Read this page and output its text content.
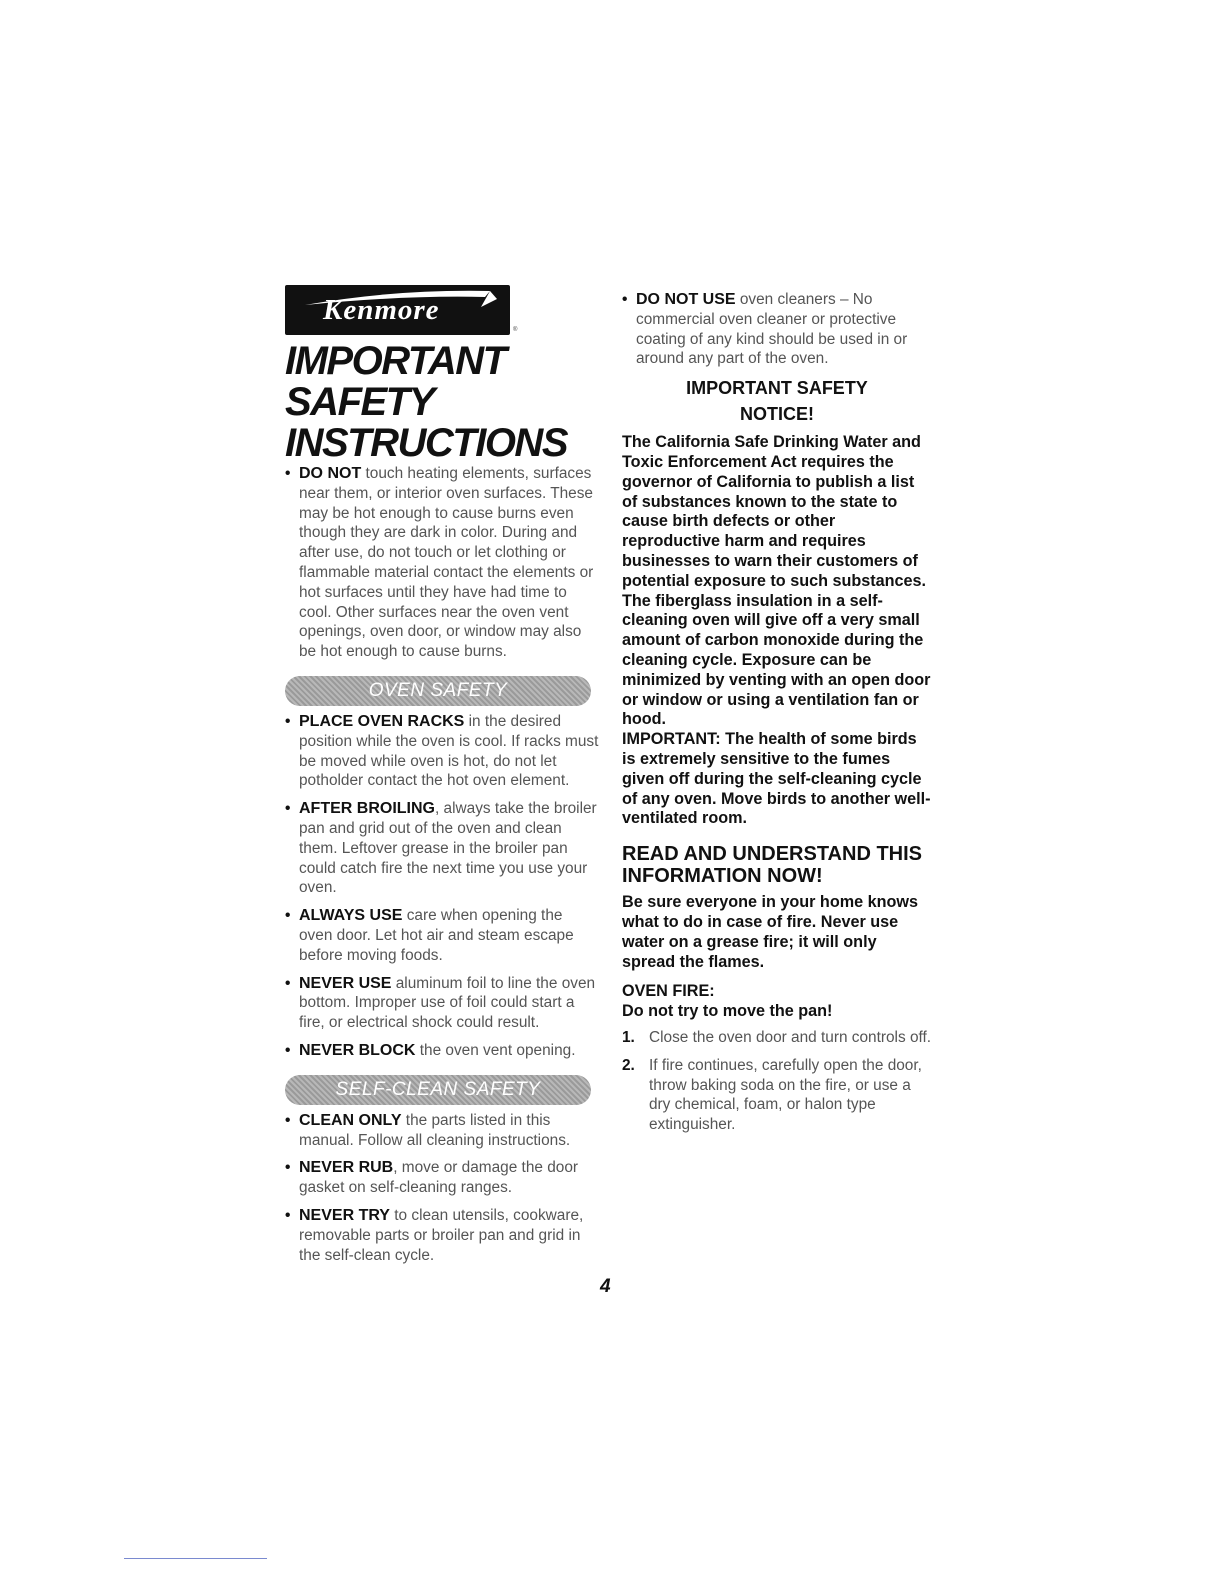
Kenmore
®
IMPORTANT SAFETY
INSTRUCTIONS

• DO NOT touch heating elements, surfaces near them, or interior oven surfaces. These may be hot enough to cause burns even though they are dark in color. During and after use, do not touch or let clothing or flammable material contact the elements or hot surfaces until they have had time to cool. Other surfaces near the oven vent openings, oven door, or window may also be hot enough to cause burns.

OVEN SAFETY

• PLACE OVEN RACKS in the desired position while the oven is cool. If racks must be moved while oven is hot, do not let potholder contact the hot oven element.

• AFTER BROILING, always take the broiler pan and grid out of the oven and clean them. Leftover grease in the broiler pan could catch fire the next time you use your oven.

• ALWAYS USE care when opening the oven door. Let hot air and steam escape before moving foods.

• NEVER USE aluminum foil to line the oven bottom. Improper use of foil could start a fire, or electrical shock could result.

• NEVER BLOCK the oven vent opening.

SELF-CLEAN SAFETY

• CLEAN ONLY the parts listed in this manual. Follow all cleaning instructions.

• NEVER RUB, move or damage the door gasket on self-cleaning ranges.

• NEVER TRY to clean utensils, cookware, removable parts or broiler pan and grid in the self-clean cycle.

• DO NOT USE oven cleaners – No commercial oven cleaner or protective coating of any kind should be used in or around any part of the oven.

IMPORTANT SAFETY
NOTICE!

The California Safe Drinking Water and Toxic Enforcement Act requires the governor of California to publish a list of substances known to the state to cause birth defects or other reproductive harm and requires businesses to warn their customers of potential exposure to such substances. The fiberglass insulation in a self-cleaning oven will give off a very small amount of carbon monoxide during the cleaning cycle. Exposure can be minimized by venting with an open door or window or using a ventilation fan or hood.

IMPORTANT: The health of some birds is extremely sensitive to the fumes given off during the self-cleaning cycle of any oven. Move birds to another well-ventilated room.

READ AND UNDERSTAND THIS INFORMATION NOW!

Be sure everyone in your home knows what to do in case of fire. Never use water on a grease fire; it will only spread the flames.

OVEN FIRE:
Do not try to move the pan!
1. Close the oven door and turn controls off.
2. If fire continues, carefully open the door, throw baking soda on the fire, or use a dry chemical, foam, or halon type extinguisher.
4
